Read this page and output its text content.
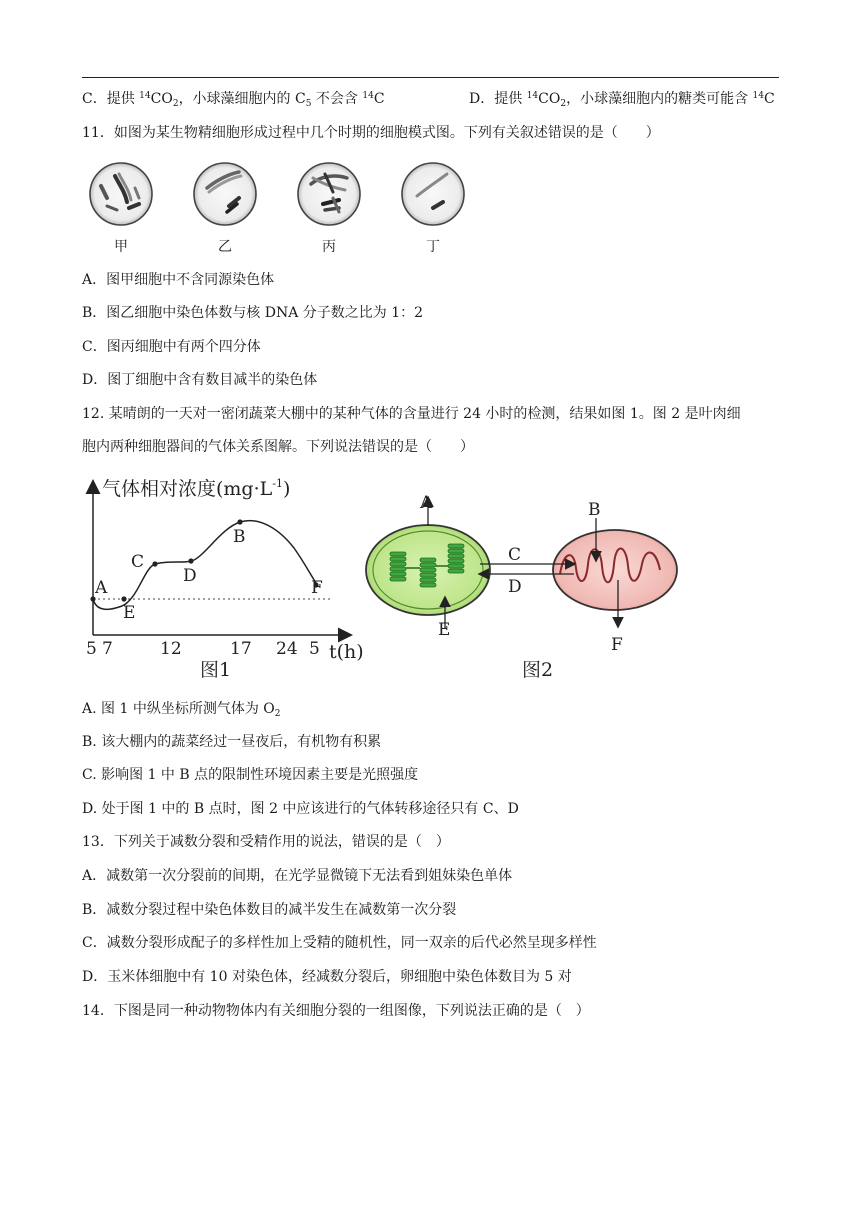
C．提供 $^{14}CO_2$，小球藻细胞内的 $C_5$ 不会含 $^{14}$C	D．提供 $^{14}CO_2$，小球藻细胞内的糖类可能含 $^{14}$C
11．如图为某生物精细胞形成过程中几个时期的细胞模式图。下列有关叙述错误的是（　　）
甲	乙	丙	丁
A．图甲细胞中不含同源染色体
B．图乙细胞中染色体数与核 DNA 分子数之比为 1：2
C．图丙细胞中有两个四分体
D．图丁细胞中含有数目减半的染色体
12. 某晴朗的一天对一密闭蔬菜大棚中的某种气体的含量进行 24 小时的检测，结果如图 1。图 2 是叶肉细
胞内两种细胞器间的气体关系图解。下列说法错误的是（　　）
A
C
D
B
F
E
气体相对浓度$(mg\cdot L^{-1})$
5 7	12	17 24 5 t(h)
图1
A	B
C
D
E
F
图2
A. 图 1 中纵坐标所测气体为 $O_2$
B. 该大棚内的蔬菜经过一昼夜后，有机物有积累
C. 影响图 1 中 B 点的限制性环境因素主要是光照强度
D. 处于图 1 中的 B 点时，图 2 中应该进行的气体转移途径只有 C、D
13．下列关于减数分裂和受精作用的说法，错误的是（　）
A．减数第一次分裂前的间期，在光学显微镜下无法看到姐妹染色单体
B．减数分裂过程中染色体数目的减半发生在减数第一次分裂
C．减数分裂形成配子的多样性加上受精的随机性，同一双亲的后代必然呈现多样性
D．玉米体细胞中有 10 对染色体，经减数分裂后，卵细胞中染色体数目为 5 对
14．下图是同一种动物物体内有关细胞分裂的一组图像，下列说法正确的是（　）
